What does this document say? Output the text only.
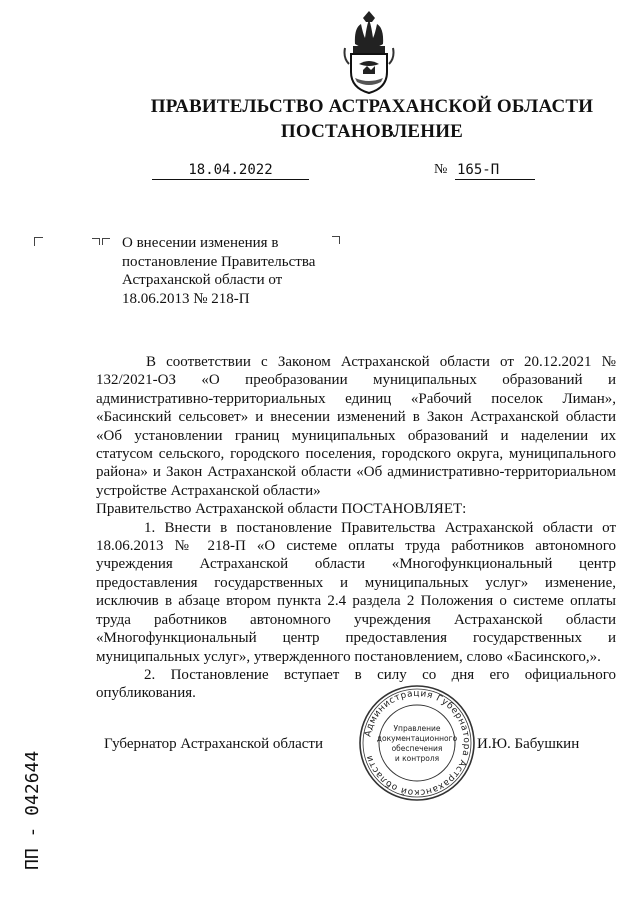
ПРАВИТЕЛЬСТВО АСТРАХАНСКОЙ ОБЛАСТИ
ПОСТАНОВЛЕНИЕ
18.04.2022	№ 165-П
О внесении изменения в постановление Правительства Астраханской области от 18.06.2013 № 218-П

В соответствии с Законом Астраханской области от 20.12.2021 № 132/2021-ОЗ «О преобразовании муниципальных образований и административно-территориальных единиц «Рабочий поселок Лиман», «Басинский сельсовет» и внесении изменений в Закон Астраханской области «Об установлении границ муниципальных образований и наделении их статусом сельского, городского поселения, городского округа, муниципального района» и Закон Астраханской области «Об административно-территориальном устройстве Астраханской области»

Правительство Астраханской области ПОСТАНОВЛЯЕТ:

1. Внести в постановление Правительства Астраханской области от 18.06.2013 № 218-П «О системе оплаты труда работников автономного учреждения Астраханской области «Многофункциональный центр предоставления государственных и муниципальных услуг» изменение, исключив в абзаце втором пункта 2.4 раздела 2 Положения о системе оплаты труда работников автономного учреждения Астраханской области «Многофункциональный центр предоставления государственных и муниципальных услуг», утвержденного постановлением, слово «Басинского,».

2. Постановление вступает в силу со дня его официального опубликования.

Губернатор Астраханской области	И.Ю. Бабушкин
Администрация Губернатора Астраханской области
Управление
документационного
обеспечения
и контроля
ПП - 042644
